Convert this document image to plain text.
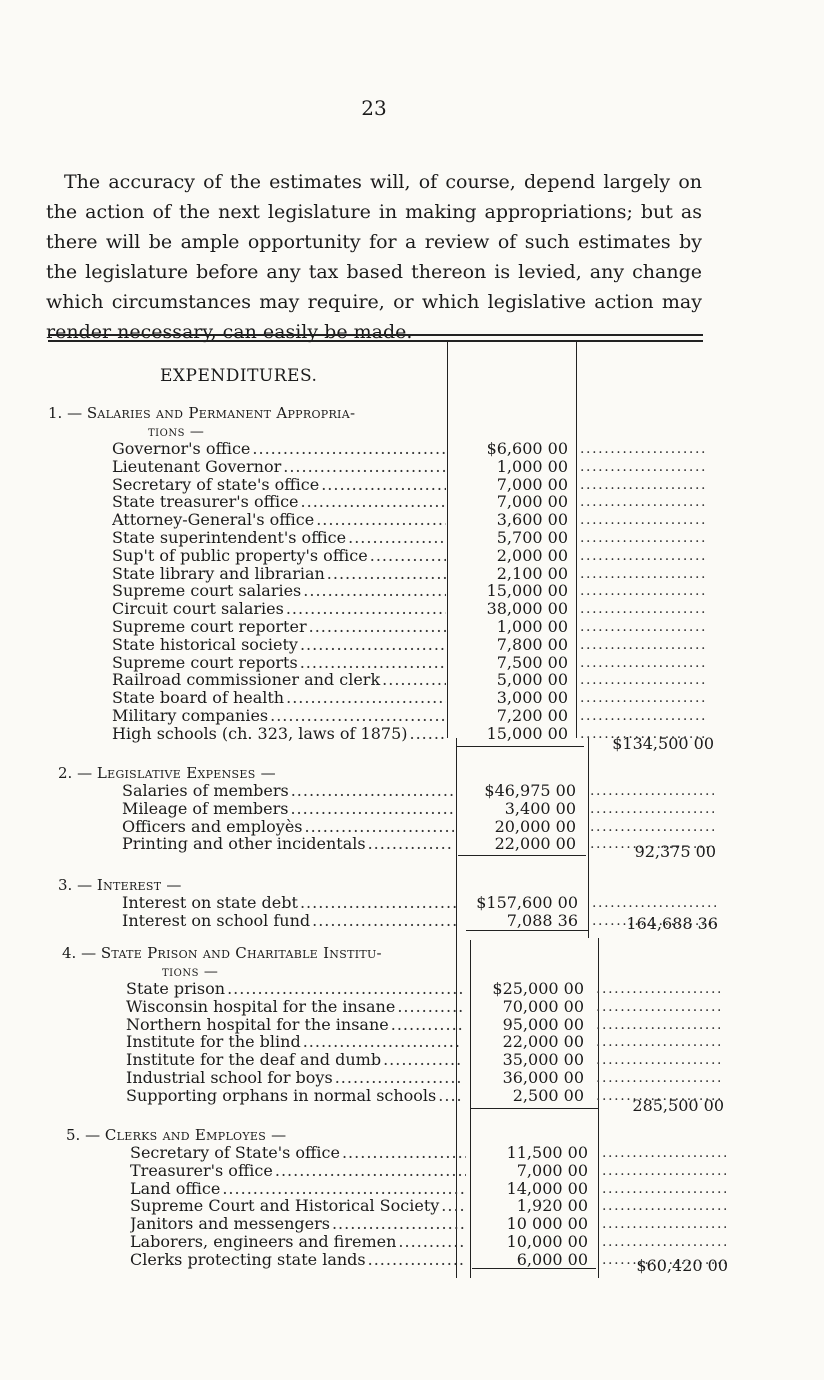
23

The accuracy of the estimates will, of course, depend largely on the action of the next legislature in making appropriations; but as there will be ample opportunity for a review of such estimates by the legislature before any tax based thereon is levied, any change which circumstances may require, or which legislative action may render necessary, can easily be made.

EXPENDITURES.
1. — Salaries and Permanent Appropria-
tions —
Governor's office .....	$6,600 00
.....
Lieutenant Governor .....	1,000 00
.....
Secretary of state's office .....	7,000 00
.....
State treasurer's office .....	7,000 00
.....
Attorney-General's office .....	3,600 00
.....
State superintendent's office .....	5,700 00
.....
Sup't of public property's office .....	2,000 00
.....
State library and librarian .....	2,100 00
.....
Supreme court salaries .....	15,000 00
.....
Circuit court salaries .....	38,000 00
.....
Supreme court reporter .....	1,000 00
.....
State historical society .....	7,800 00
.....
Supreme court reports .....	7,500 00
.....
Railroad commissioner and clerk .....	5,000 00
.....
State board of health .....	3,000 00
.....
Military companies .....	7,200 00
.....
High schools (ch. 323, laws of 1875) .....	15,000 00
.....
$134,500 00
2. — Legislative Expenses —
Salaries of members .....	$46,975 00
.....
Mileage of members .....	3,400 00
.....
Officers and employès .....	20,000 00
.....
Printing and other incidentals .....	22,000 00 .....	92,375 00
3. — Interest —
Interest on state debt .....	$157,600 00
.....
Interest on school fund .....	7,088 36 .....	164,688 36
4. — State Prison and Charitable Institu-
tions —
State prison .....	$25,000 00
.....
Wisconsin hospital for the insane .....	70,000 00
.....
Northern hospital for the insane .....	95,000 00
.....
Institute for the blind .....	22,000 00
.....
Institute for the deaf and dumb .....	35,000 00
.....
Industrial school for boys .....	36,000 00
.....
Supporting orphans in normal schools .....	2,500 00
.....
285,500 00
5. — Clerks and Employes —
Secretary of State's office .....	11,500 00
.....
Treasurer's office .....	7,000 00
.....
Land office .....	14,000 00
.....
Supreme Court and Historical Society .....	1,920 00
.....
Janitors and messengers .....	10 000 00
.....
Laborers, engineers and firemen .....	10,000 00
.....
Clerks protecting state lands .....	6,000 00 .....	$60,420 00
